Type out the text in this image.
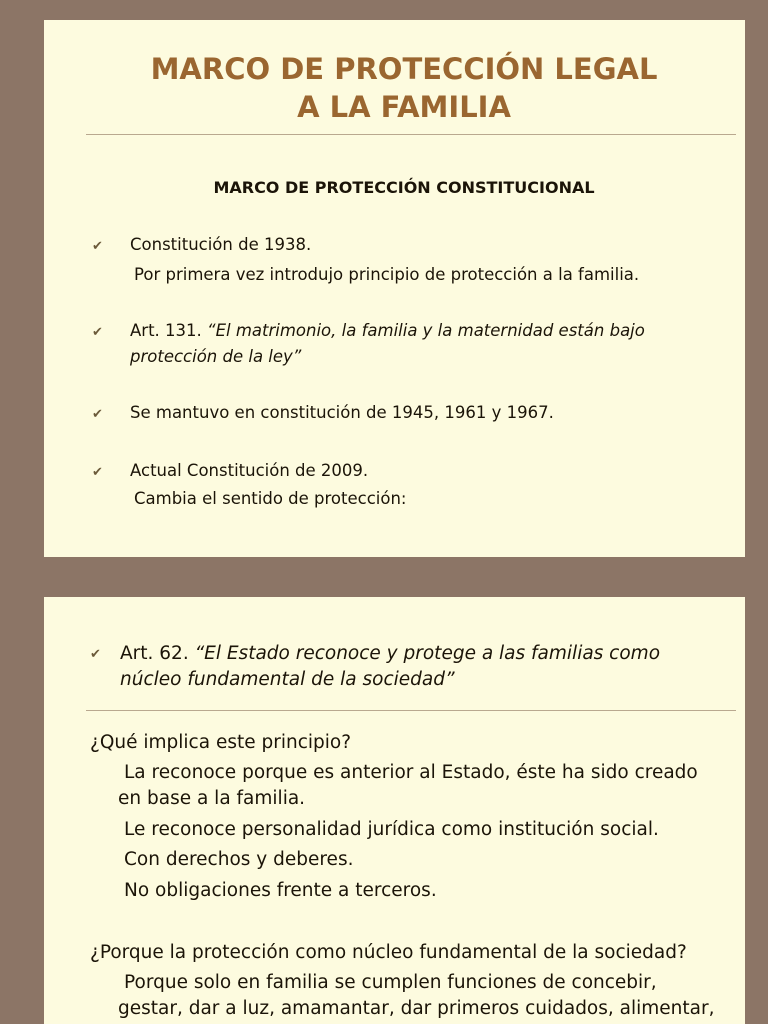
MARCO DE PROTECCIÓN LEGAL
A LA FAMILIA
MARCO DE PROTECCIÓN CONSTITUCIONAL
✔ Constitución de 1938.
Por primera vez introdujo principio de protección a la familia.
✔ Art. 131. “El matrimonio, la familia y la maternidad están bajo
protección de la ley”
✔ Se mantuvo en constitución de 1945, 1961 y 1967.
✔ Actual Constitución de 2009.
Cambia el sentido de protección:
✔ Art. 62. “El Estado reconoce y protege a las familias como
núcleo fundamental de la sociedad”
¿Qué implica este principio?
La reconoce porque es anterior al Estado, éste ha sido creado
en base a la familia.
Le reconoce personalidad jurídica como institución social.
Con derechos y deberes.
No obligaciones frente a terceros.
¿Porque la protección como núcleo fundamental de la sociedad?
Porque solo en familia se cumplen funciones de concebir,
gestar, dar a luz, amamantar, dar primeros cuidados, alimentar,
